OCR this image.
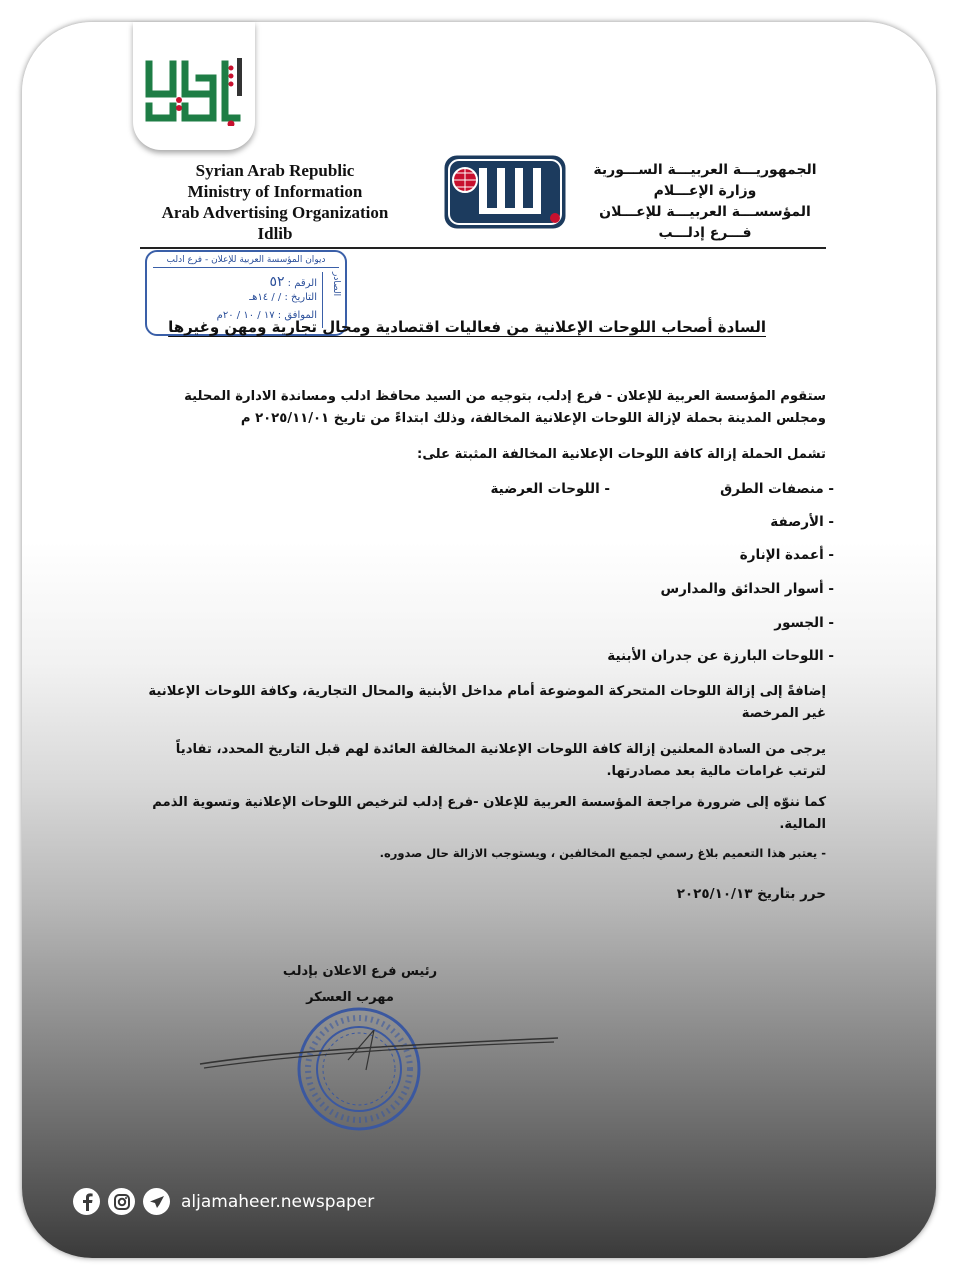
Syrian Arab Republic
Ministry of Information
Arab Advertising Organization
Idlib
الجمهوريـــة العربيـــة الســـورية
وزارة الإعـــلام
المؤسســـة العربيـــة للإعـــلان
فـــرع إدلـــب
ديوان المؤسسة العربية للإعلان - فرع ادلب
الصادر
الرقم : ٥٢
التاريخ : / / ١٤هـ
الموافق : ١٧ / ١٠ / ٢٠م
السادة أصحاب اللوحات الإعلانية من فعاليات اقتصادية ومحال تجارية ومهن وغيرها
ستقوم المؤسسة العربية للإعلان - فرع إدلب، بتوجيه من السيد محافظ ادلب ومساندة الادارة المحلية ومجلس المدينة بحملة لإزالة اللوحات الإعلانية المخالفة، وذلك ابتداءً من تاريخ ٢٠٢٥/١١/٠١ م
تشمل الحملة إزالة كافة اللوحات الإعلانية المخالفة المثبتة على:
- منصفات الطرق
- اللوحات العرضية
- الأرصفة
- أعمدة الإنارة
- أسوار الحدائق والمدارس
- الجسور
- اللوحات البارزة عن جدران الأبنية
إضافةً إلى إزالة اللوحات المتحركة الموضوعة أمام مداخل الأبنية والمحال التجارية، وكافة اللوحات الإعلانية غير المرخصة
يرجى من السادة المعلنين إزالة كافة اللوحات الإعلانية المخالفة العائدة لهم قبل التاريخ المحدد، تفادياً لترتب غرامات مالية بعد مصادرتها.
كما ننوّه إلى ضرورة مراجعة المؤسسة العربية للإعلان -فرع إدلب لترخيص اللوحات الإعلانية وتسوية الذمم المالية.
- يعتبر هذا التعميم بلاغ رسمي لجميع المخالفين ، ويستوجب الازالة حال صدوره.
حرر بتاريخ ٢٠٢٥/١٠/١٣
رئيس فرع الاعلان بإدلب
مهرب العسكر
aljamaheer.newspaper
